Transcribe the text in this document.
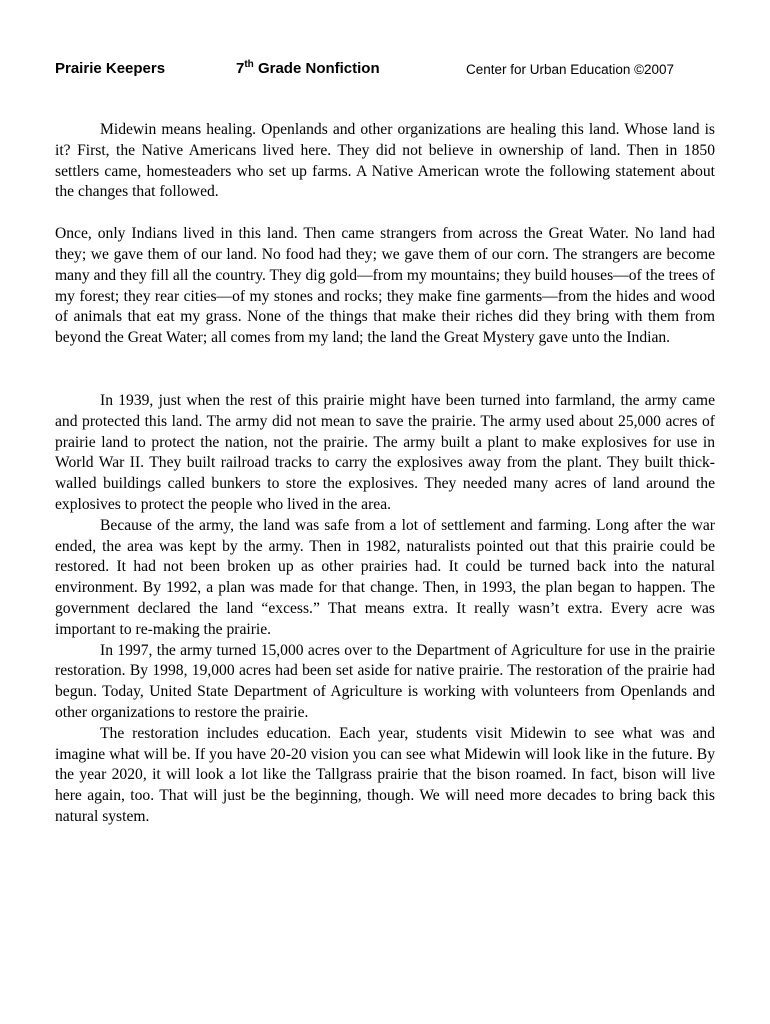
Prairie Keepers	7th Grade Nonfiction	Center for Urban Education ©2007

Midewin means healing. Openlands and other organizations are healing this land. Whose land is it? First, the Native Americans lived here. They did not believe in ownership of land. Then in 1850 settlers came, homesteaders who set up farms. A Native American wrote the following statement about the changes that followed.

Once, only Indians lived in this land. Then came strangers from across the Great Water. No land had they; we gave them of our land. No food had they; we gave them of our corn. The strangers are become many and they fill all the country. They dig gold—from my mountains; they build houses—of the trees of my forest; they rear cities—of my stones and rocks; they make fine garments—from the hides and wood of animals that eat my grass. None of the things that make their riches did they bring with them from beyond the Great Water; all comes from my land; the land the Great Mystery gave unto the Indian.

In 1939, just when the rest of this prairie might have been turned into farmland, the army came and protected this land. The army did not mean to save the prairie. The army used about 25,000 acres of prairie land to protect the nation, not the prairie. The army built a plant to make explosives for use in World War II. They built railroad tracks to carry the explosives away from the plant. They built thick-walled buildings called bunkers to store the explosives. They needed many acres of land around the explosives to protect the people who lived in the area.

Because of the army, the land was safe from a lot of settlement and farming. Long after the war ended, the area was kept by the army. Then in 1982, naturalists pointed out that this prairie could be restored. It had not been broken up as other prairies had. It could be turned back into the natural environment. By 1992, a plan was made for that change. Then, in 1993, the plan began to happen. The government declared the land “excess.” That means extra. It really wasn’t extra. Every acre was important to re-making the prairie.

In 1997, the army turned 15,000 acres over to the Department of Agriculture for use in the prairie restoration. By 1998, 19,000 acres had been set aside for native prairie. The restoration of the prairie had begun. Today, United State Department of Agriculture is working with volunteers from Openlands and other organizations to restore the prairie.

The restoration includes education. Each year, students visit Midewin to see what was and imagine what will be. If you have 20-20 vision you can see what Midewin will look like in the future. By the year 2020, it will look a lot like the Tallgrass prairie that the bison roamed. In fact, bison will live here again, too. That will just be the beginning, though. We will need more decades to bring back this natural system.
